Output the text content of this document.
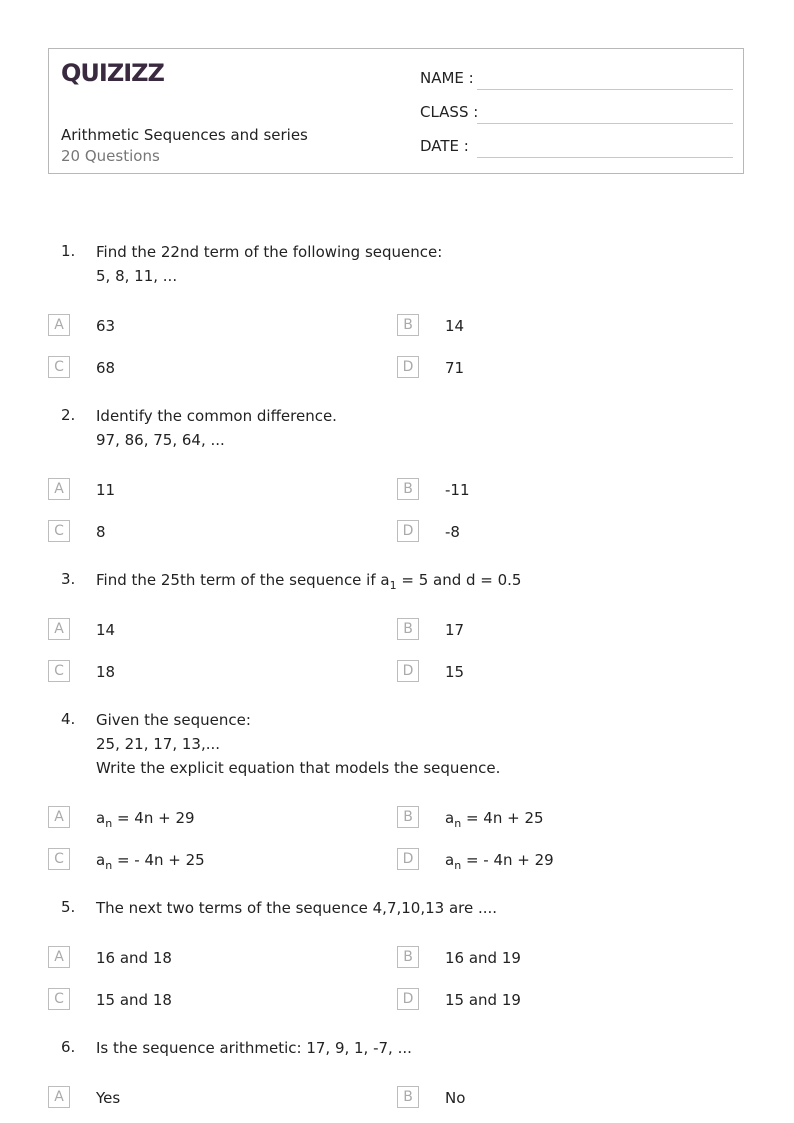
QUIZIZZ
Arithmetic Sequences and series
20 Questions
NAME :
CLASS :
DATE :
1. Find the 22nd term of the following sequence:
5, 8, 11, ...
A	63	B	14
C	68	D	71
2. Identify the common difference.
97, 86, 75, 64, ...
A	11	B	-11
C	8	D	-8
3. Find the 25th term of the sequence if $a_1 = 5$ and d = 0.5
A	14	B	17
C	18	D	15
4. Given the sequence:
25, 21, 17, 13,...
Write the explicit equation that models the sequence.
A	$a_n = 4n + 29$	B	$a_n = 4n + 25$
C	$a_n$ = - 4n + 25	D	$a_n$ = - 4n + 29
5. The next two terms of the sequence 4,7,10,13 are ....
A	16 and 18	B	16 and 19
C	15 and 18	D	15 and 19
6. Is the sequence arithmetic: 17, 9, 1, -7, ...
A	Yes	B	No
